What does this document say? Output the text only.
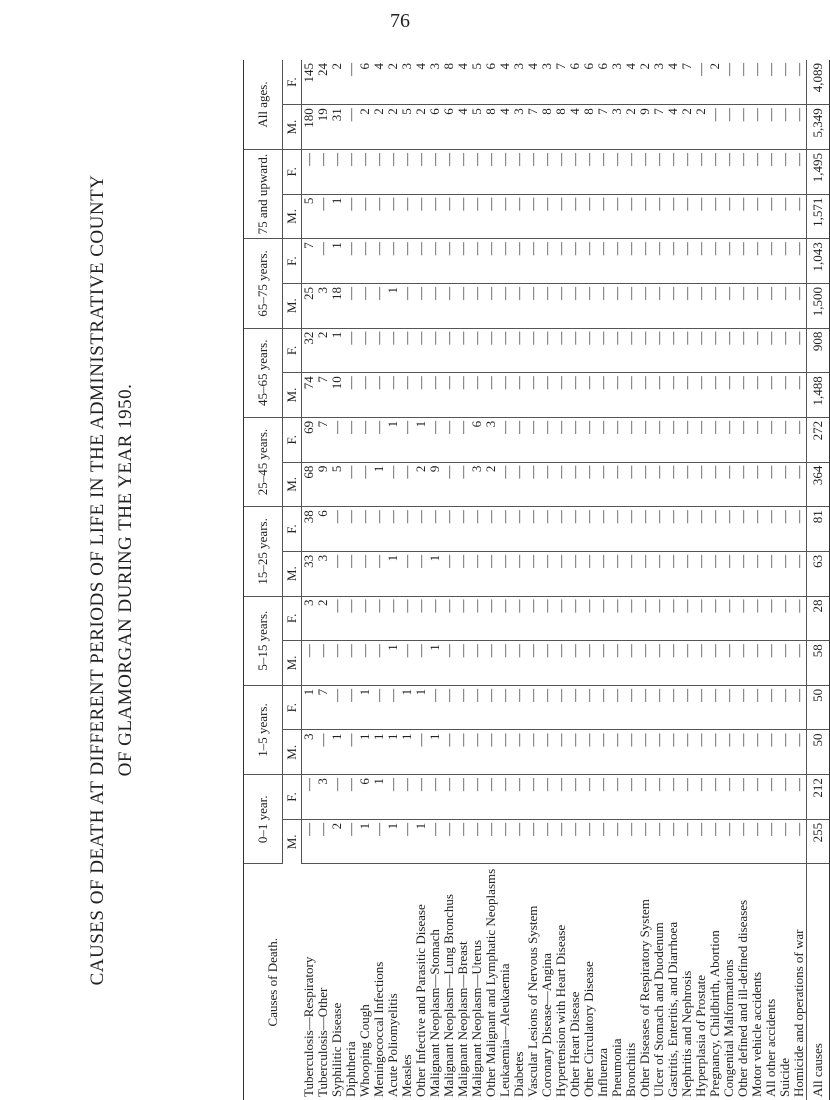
76
CAUSES OF DEATH AT DIFFERENT PERIODS OF LIFE IN THE ADMINISTRATIVE COUNTY OF GLAMORGAN DURING THE YEAR 1950.
Causes of Death.	0–1 year.		1–5 years.		5–15 years.		15–25 years.		25–45 years.		45–65 years.		65–75 years.		75 and upward.		All ages.	
	M.	F.	M.	F.	M.	F.	M.	F.	M.	F.	M.	F.	M.	F.	M.	F.	M.	F.
Tuberculosis—Respiratory	—	—	3	1	—	3	33	38	68	69	74	32	25	7	5	—	180	145
Tuberculosis—Other	—	3	—	7	—	2	3	6	9	7	7	2	3	—	—	—	19	24
Syphilitic Disease	2	—	1	—	—	—	—	—	5	—	10	1	18	1	1	—	31	2
Diphtheria	—	—	—	—	—	—	—	—	—	—	—	—	—	—	—	—	—	—
Whooping Cough	1	6	1	1	—	—	—	—	—	—	—	—	—	—	—	—	2	6
Meningococcal Infections	—	1	1	—	—	—	—	—	1	—	—	—	—	—	—	—	2	4
Acute Poliomyelitis	1	—	1	—	1	—	1	—	—	1	—	—	1	—	—	—	2	2
Measles	—	—	1	1	—	—	—	—	—	—	—	—	—	—	—	—	5	3
Other Infective and Parasitic Disease	1	—	—	1	—	—	—	—	2	1	—	—	—	—	—	—	2	4
Malignant Neoplasm—Stomach	—	—	1	—	1	—	1	—	9	—	—	—	—	—	—	—	6	3
Malignant Neoplasm—Lung Bronchus	—	—	—	—	—	—	—	—	—	—	—	—	—	—	—	—	6	8
Malignant Neoplasm—Breast	—	—	—	—	—	—	—	—	—	—	—	—	—	—	—	—	4	4
Malignant Neoplasm—Uterus	—	—	—	—	—	—	—	—	3	6	—	—	—	—	—	—	5	5
Other Malignant and Lymphatic Neoplasms	—	—	—	—	—	—	—	—	2	3	—	—	—	—	—	—	8	6
Leukaemia—Aleukaemia	—	—	—	—	—	—	—	—	—	—	—	—	—	—	—	—	4	4
Diabetes	—	—	—	—	—	—	—	—	—	—	—	—	—	—	—	—	3	3
Vascular Lesions of Nervous System	—	—	—	—	—	—	—	—	—	—	—	—	—	—	—	—	7	4
Coronary Disease—Angina	—	—	—	—	—	—	—	—	—	—	—	—	—	—	—	—	8	3
Hypertension with Heart Disease	—	—	—	—	—	—	—	—	—	—	—	—	—	—	—	—	8	7
Other Heart Disease	—	—	—	—	—	—	—	—	—	—	—	—	—	—	—	—	4	6
Other Circulatory Disease	—	—	—	—	—	—	—	—	—	—	—	—	—	—	—	—	8	6
Influenza	—	—	—	—	—	—	—	—	—	—	—	—	—	—	—	—	7	6
Pneumonia	—	—	—	—	—	—	—	—	—	—	—	—	—	—	—	—	3	3
Bronchitis	—	—	—	—	—	—	—	—	—	—	—	—	—	—	—	—	2	4
Other Diseases of Respiratory System	—	—	—	—	—	—	—	—	—	—	—	—	—	—	—	—	9	2
Ulcer of Stomach and Duodenum	—	—	—	—	—	—	—	—	—	—	—	—	—	—	—	—	7	3
Gastritis, Enteritis, and Diarrhoea	—	—	—	—	—	—	—	—	—	—	—	—	—	—	—	—	4	4
Nephritis and Nephrosis	—	—	—	—	—	—	—	—	—	—	—	—	—	—	—	—	2	7
Hyperplasia of Prostate	—	—	—	—	—	—	—	—	—	—	—	—	—	—	—	—	2	—
Pregnancy, Childbirth, Abortion	—	—	—	—	—	—	—	—	—	—	—	—	—	—	—	—	—	2
Congenital Malformations	—	—	—	—	—	—	—	—	—	—	—	—	—	—	—	—	—	—
Other defined and ill-defined diseases	—	—	—	—	—	—	—	—	—	—	—	—	—	—	—	—	—	—
Motor vehicle accidents	—	—	—	—	—	—	—	—	—	—	—	—	—	—	—	—	—	—
All other accidents	—	—	—	—	—	—	—	—	—	—	—	—	—	—	—	—	—	—
Suicide	—	—	—	—	—	—	—	—	—	—	—	—	—	—	—	—	—	—
Homicide and operations of war	—	—	—	—	—	—	—	—	—	—	—	—	—	—	—	—	—	—
All causes	255	212	50	50	58	28	63	81	364	272	1,488	908	1,500	1,043	1,571	1,495	5,349	4,089
